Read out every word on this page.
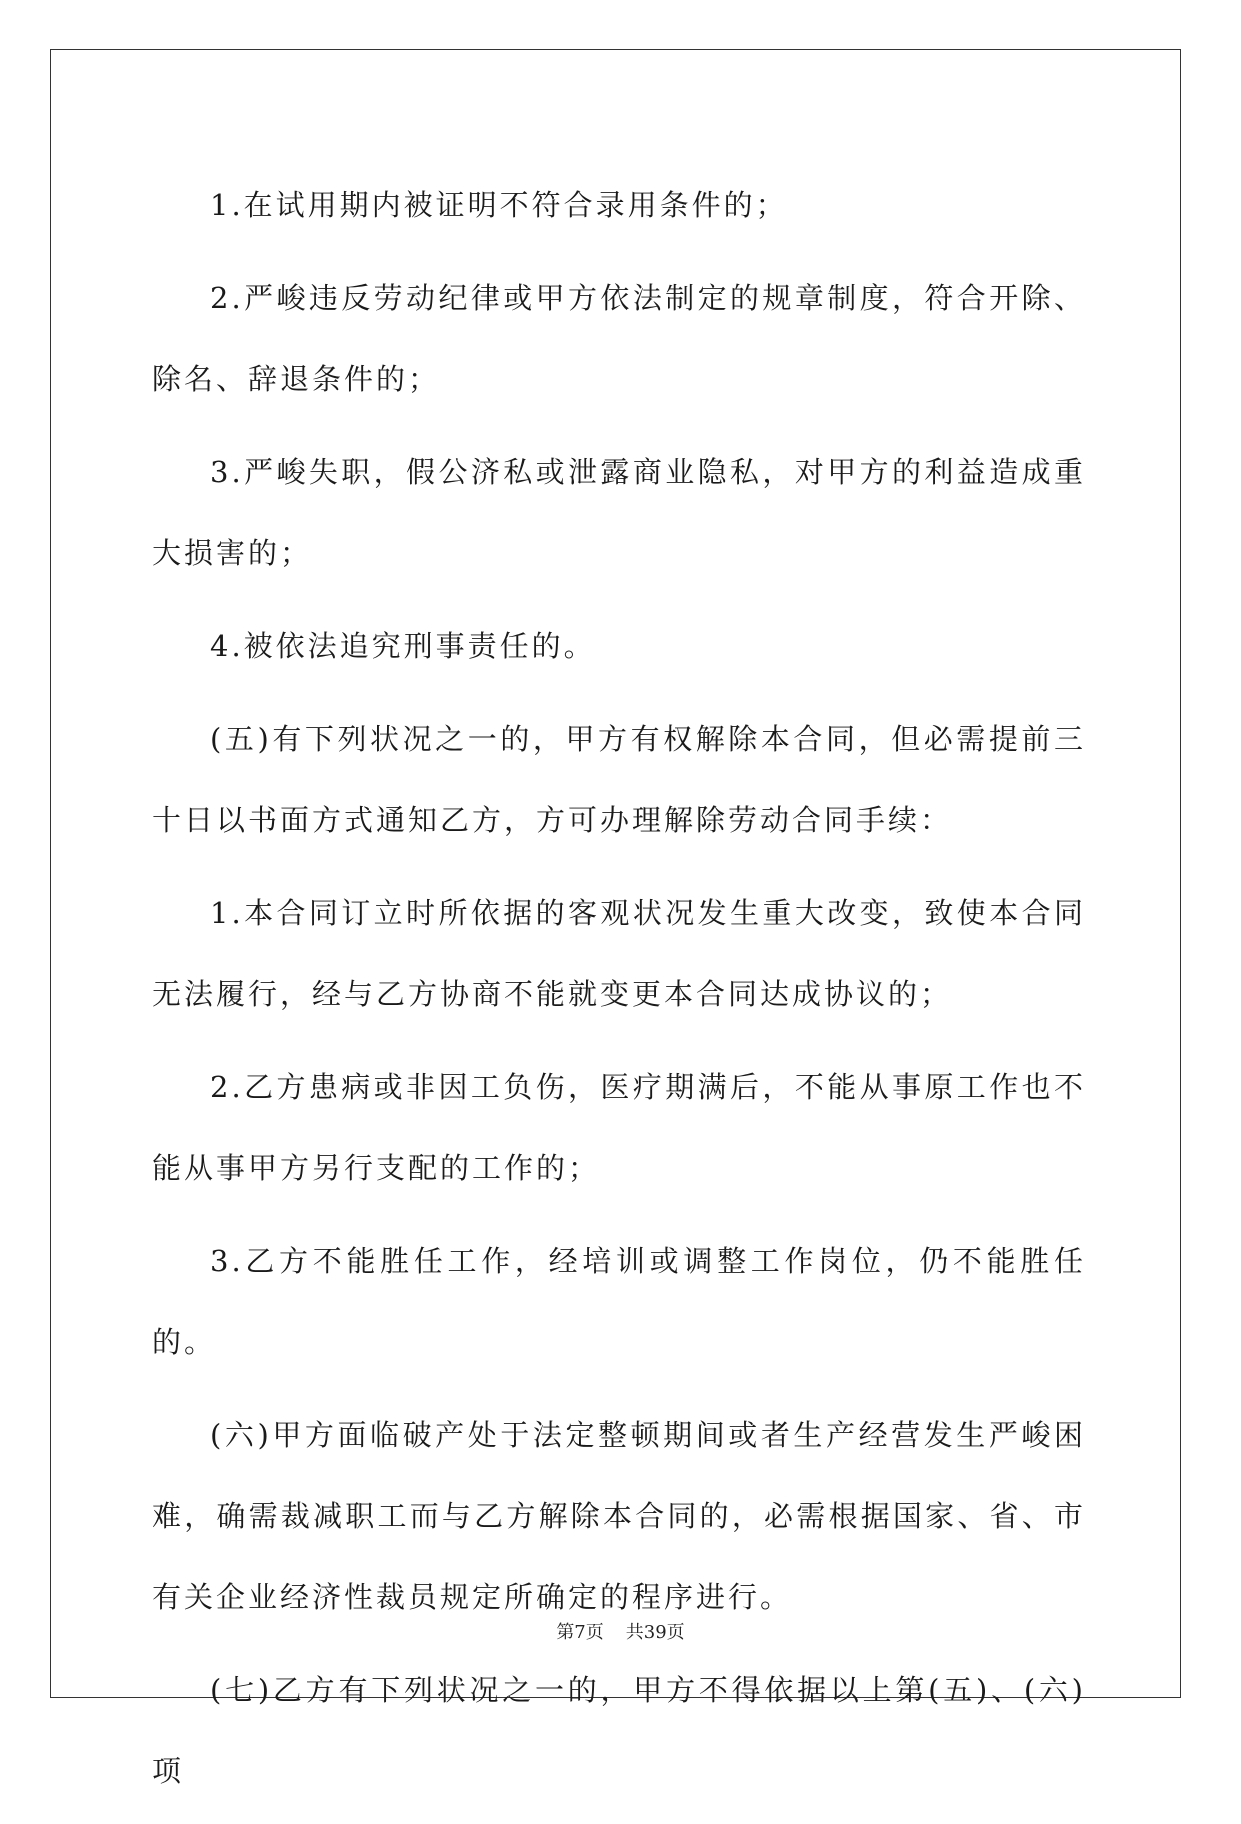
1.在试用期内被证明不符合录用条件的；

2.严峻违反劳动纪律或甲方依法制定的规章制度，符合开除、除名、辞退条件的；

3.严峻失职，假公济私或泄露商业隐私，对甲方的利益造成重大损害的；

4.被依法追究刑事责任的。

(五)有下列状况之一的，甲方有权解除本合同，但必需提前三十日以书面方式通知乙方，方可办理解除劳动合同手续：

1.本合同订立时所依据的客观状况发生重大改变，致使本合同无法履行，经与乙方协商不能就变更本合同达成协议的；

2.乙方患病或非因工负伤，医疗期满后，不能从事原工作也不能从事甲方另行支配的工作的；

3.乙方不能胜任工作，经培训或调整工作岗位，仍不能胜任的。

(六)甲方面临破产处于法定整顿期间或者生产经营发生严峻困难，确需裁减职工而与乙方解除本合同的，必需根据国家、省、市有关企业经济性裁员规定所确定的程序进行。

(七)乙方有下列状况之一的，甲方不得依据以上第(五)、(六)项

第7页 共39页
